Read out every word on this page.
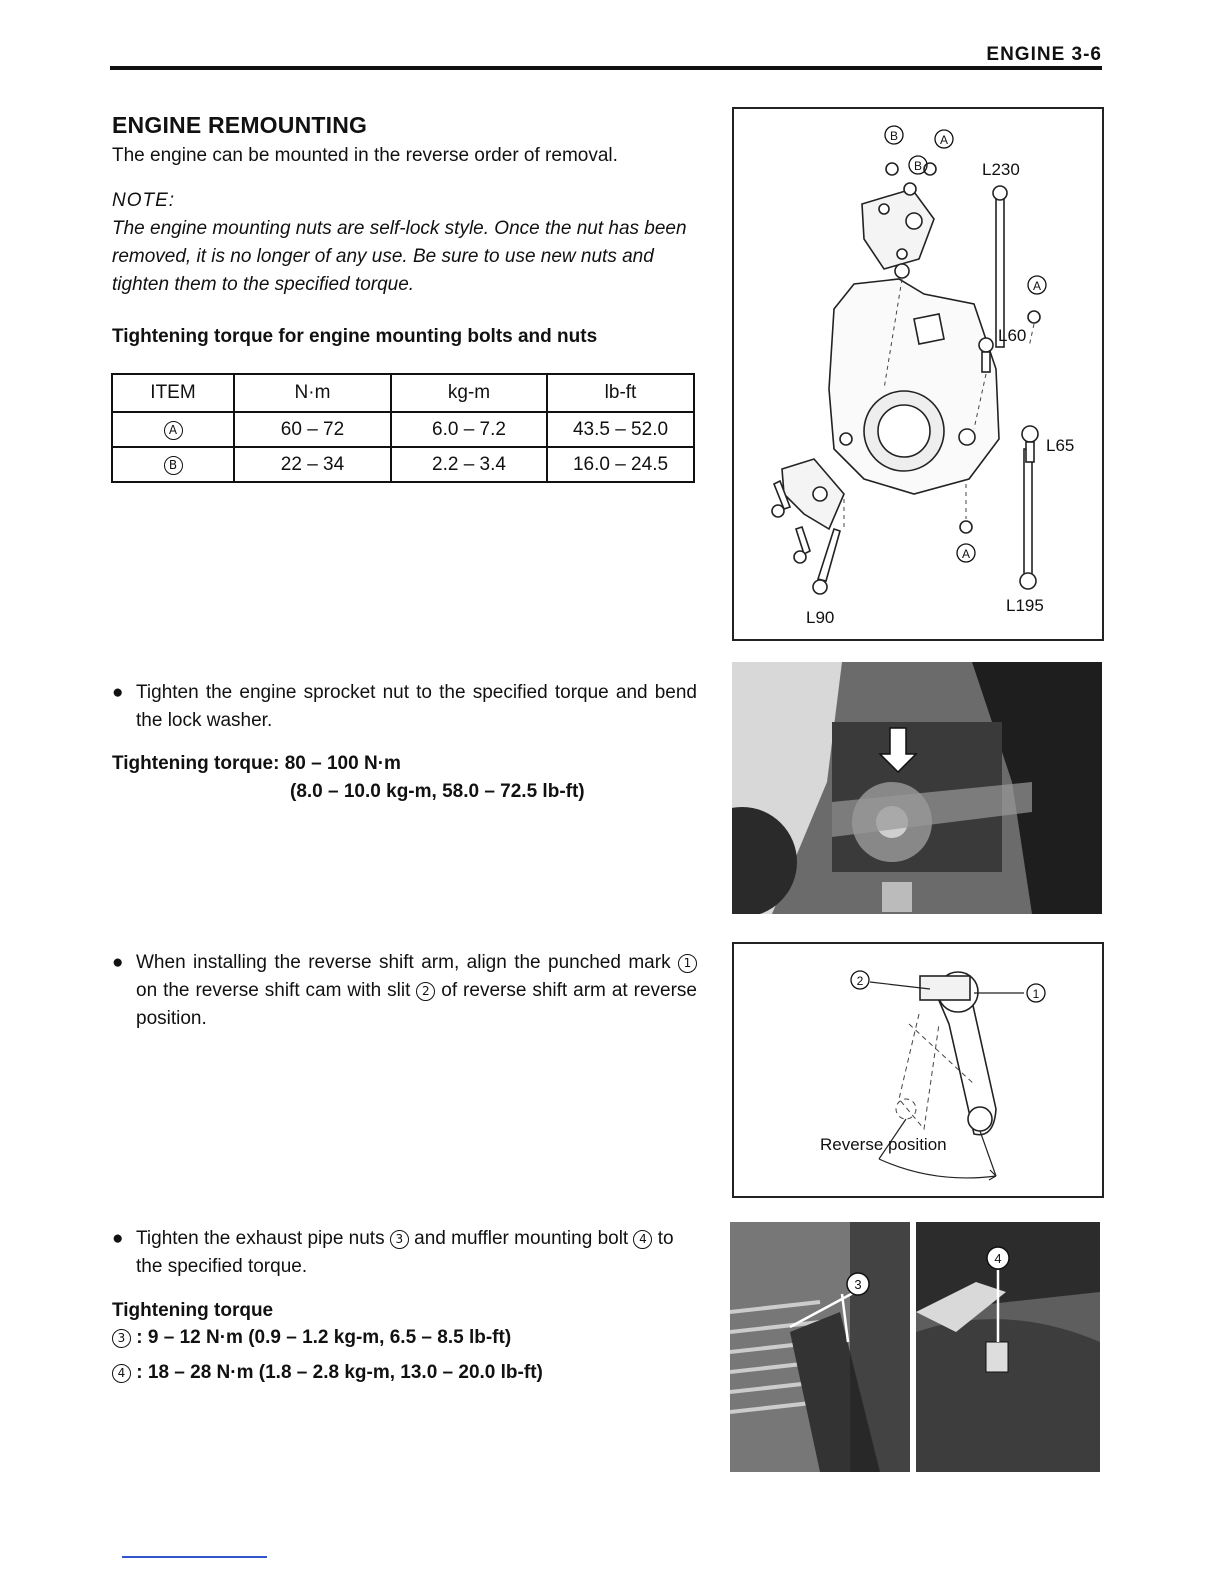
ENGINE 3-6
ENGINE REMOUNTING

The engine can be mounted in the reverse order of removal.

NOTE:

The engine mounting nuts are self-lock style. Once the nut has been removed, it is no longer of any use. Be sure to use new nuts and tighten them to the specified torque.

Tightening torque for engine mounting bolts and nuts

ITEM	N·m	kg-m	lb-ft
A	60 – 72	6.0 – 7.2	43.5 – 52.0
B	22 – 34	2.2 – 3.4	16.0 – 24.5

● Tighten the engine sprocket nut to the specified torque and bend the lock washer.

Tightening torque: 80 – 100 N·m

(8.0 – 10.0 kg-m, 58.0 – 72.5 lb-ft)

● When installing the reverse shift arm, align the punched mark 1 on the reverse shift cam with slit 2 of reverse shift arm at reverse position.

● Tighten the exhaust pipe nuts 3 and muffler mounting bolt 4 to the specified torque.

Tightening torque

3 : 9 – 12 N·m (0.9 – 1.2 kg-m, 6.5 – 8.5 lb-ft)

4 : 18 – 28 N·m (1.8 – 2.8 kg-m, 13.0 – 20.0 lb-ft)

B	A
B
A
A
L230
L60
L65
L90
L195
2
1
Reverse position
3
4
